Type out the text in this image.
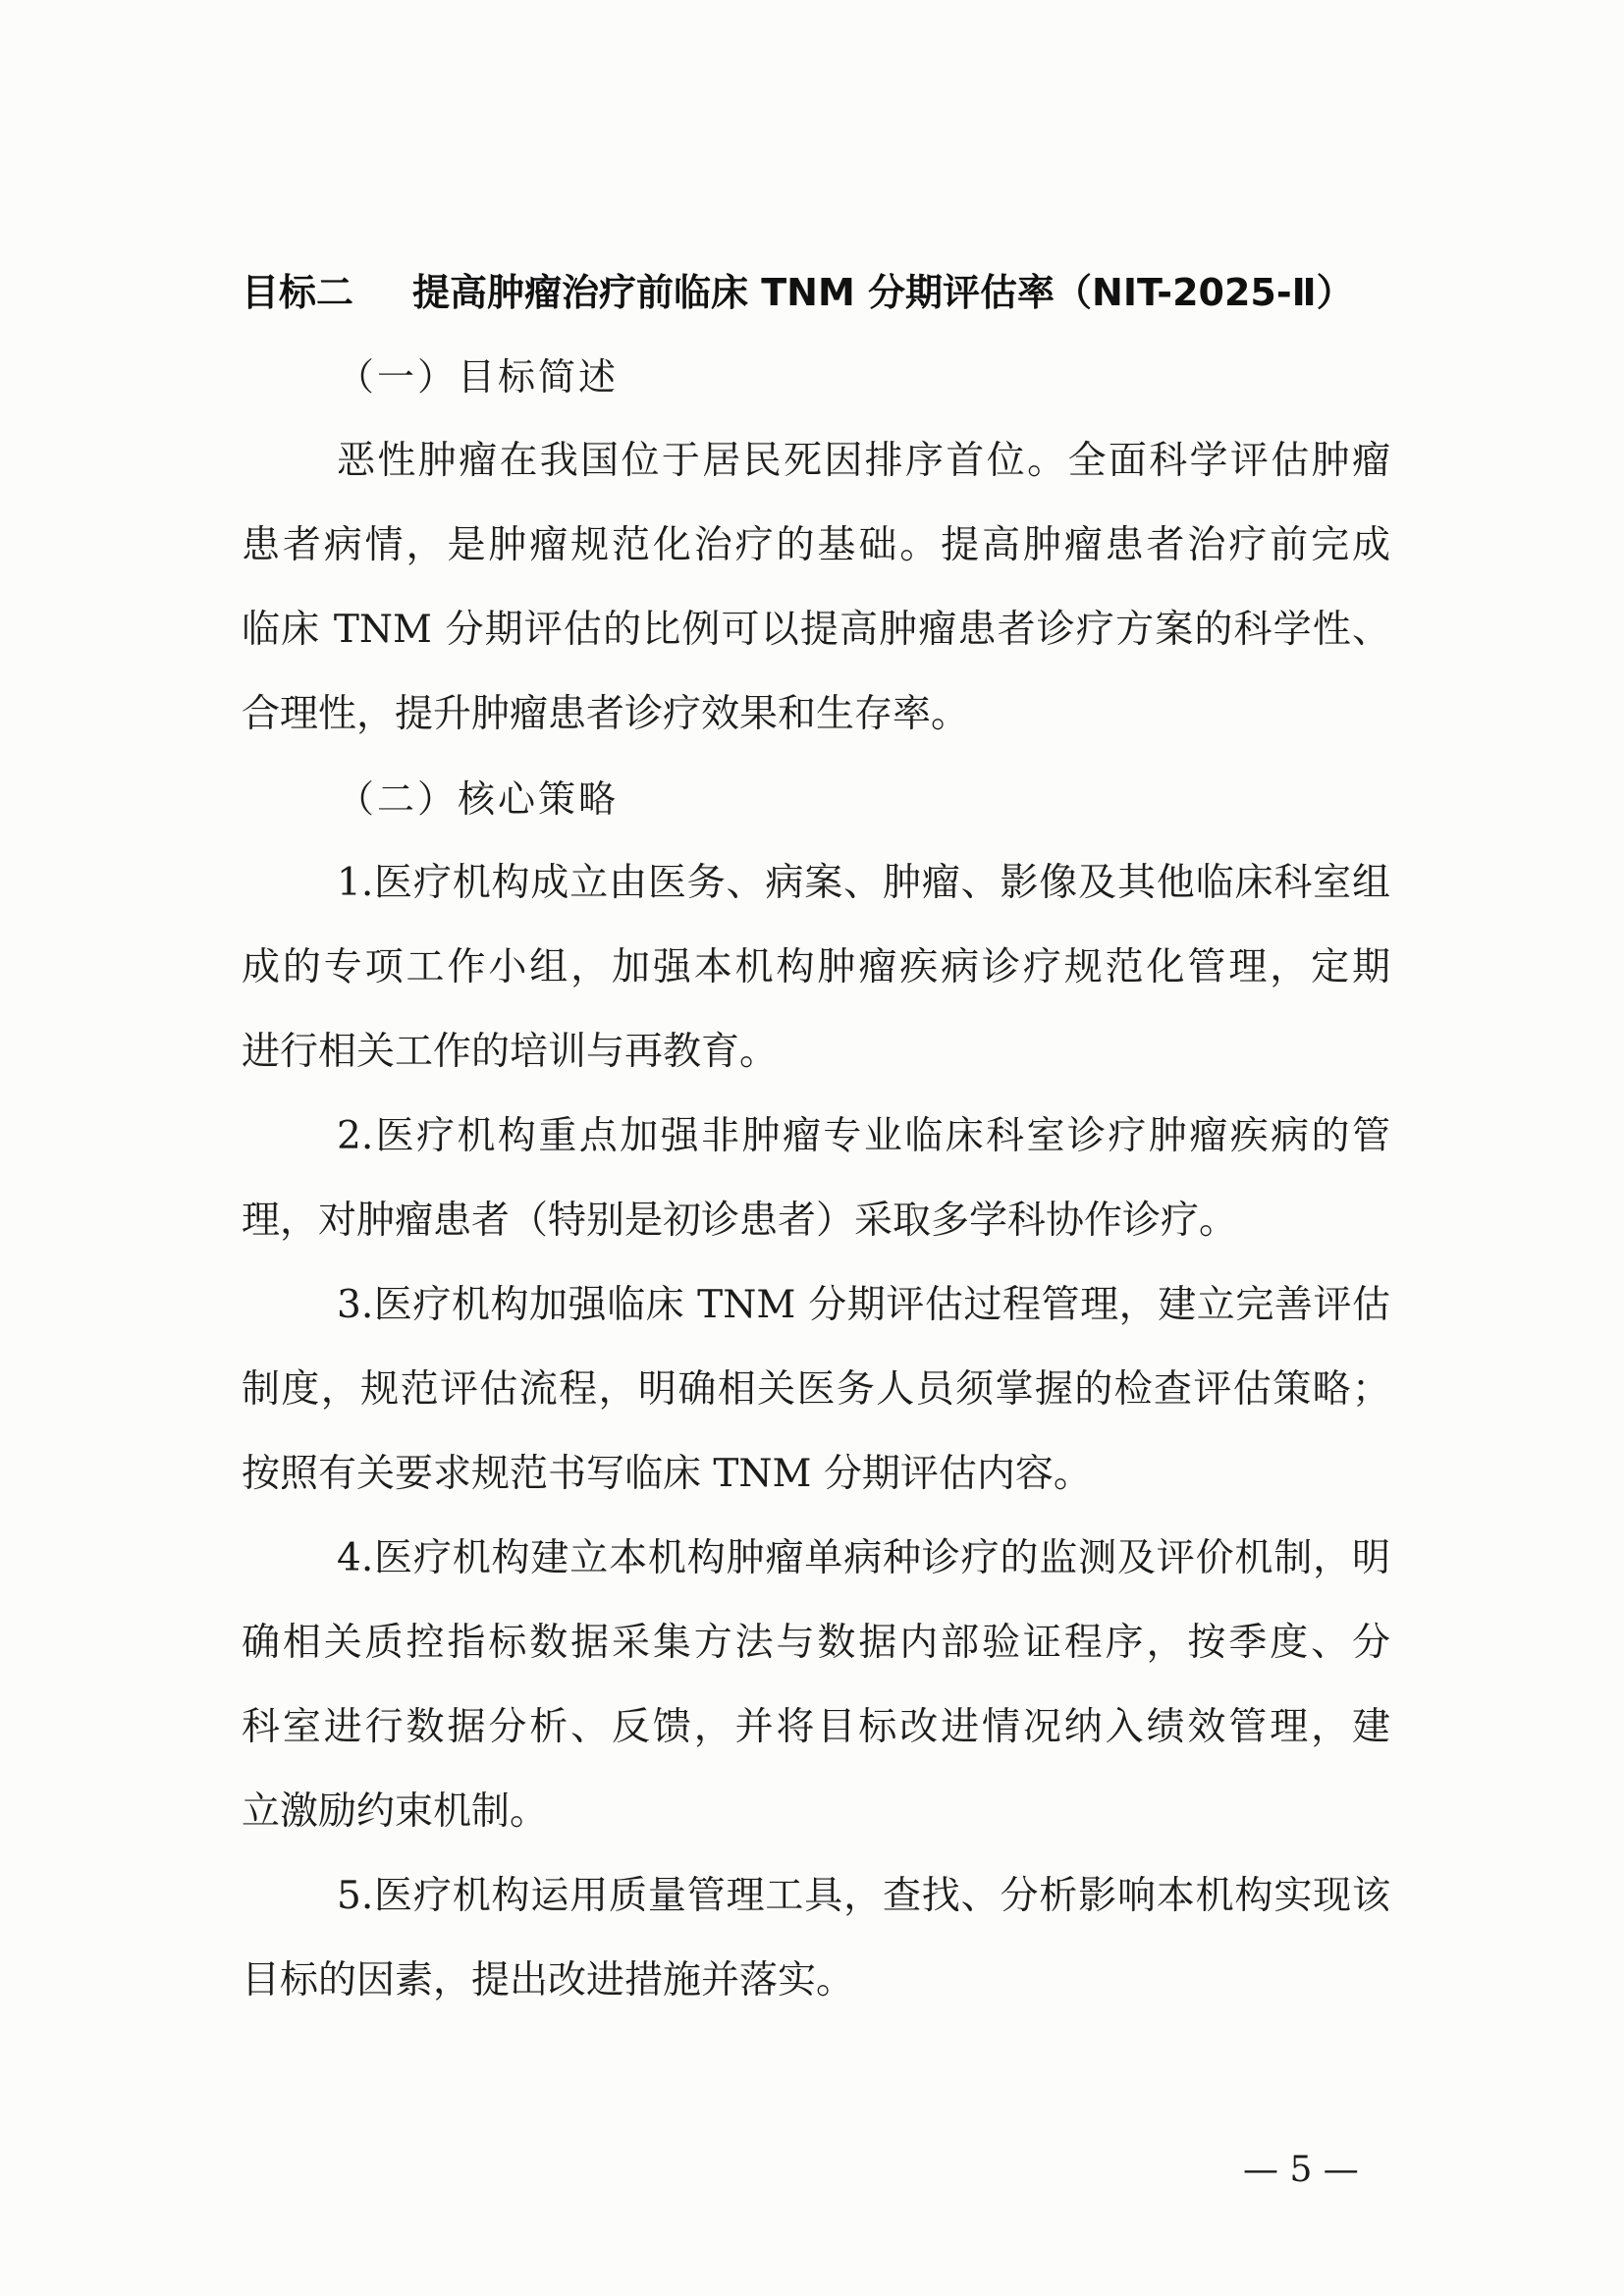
目标二 提高肿瘤治疗前临床 TNM 分期评估率（NIT-2025-Ⅱ）
（一）目标简述
恶性肿瘤在我国位于居民死因排序首位。全面科学评估肿瘤
患者病情，是肿瘤规范化治疗的基础。提高肿瘤患者治疗前完成
临床 TNM 分期评估的比例可以提高肿瘤患者诊疗方案的科学性、
合理性，提升肿瘤患者诊疗效果和生存率。
（二）核心策略
1.医疗机构成立由医务、病案、肿瘤、影像及其他临床科室组
成的专项工作小组，加强本机构肿瘤疾病诊疗规范化管理，定期
进行相关工作的培训与再教育。
2.医疗机构重点加强非肿瘤专业临床科室诊疗肿瘤疾病的管
理，对肿瘤患者（特别是初诊患者）采取多学科协作诊疗。
3.医疗机构加强临床 TNM 分期评估过程管理，建立完善评估
制度，规范评估流程，明确相关医务人员须掌握的检查评估策略；
按照有关要求规范书写临床 TNM 分期评估内容。
4.医疗机构建立本机构肿瘤单病种诊疗的监测及评价机制，明
确相关质控指标数据采集方法与数据内部验证程序，按季度、分
科室进行数据分析、反馈，并将目标改进情况纳入绩效管理，建
立激励约束机制。
5.医疗机构运用质量管理工具，查找、分析影响本机构实现该
目标的因素，提出改进措施并落实。
— 5 —
